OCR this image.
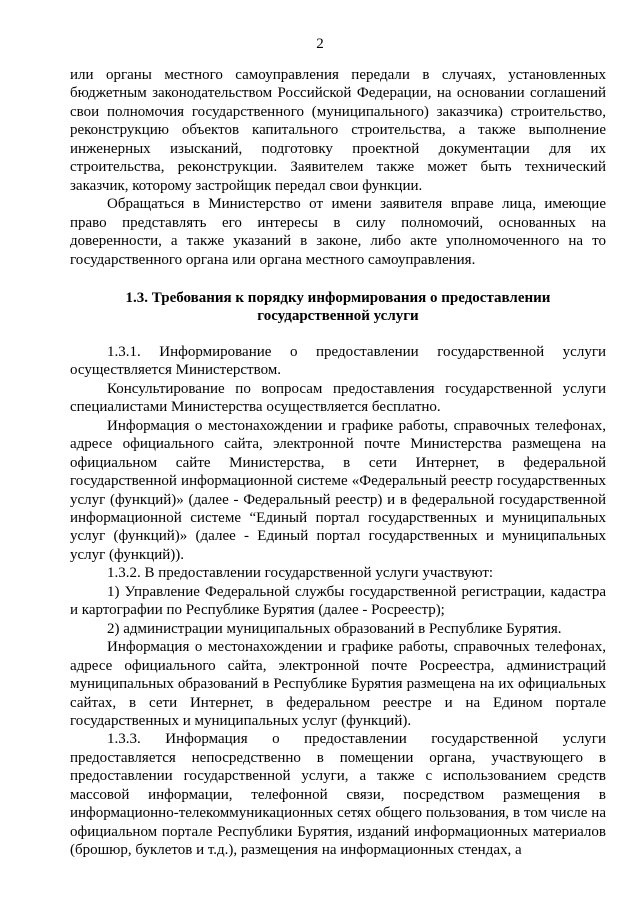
2

или органы местного самоуправления передали в случаях, установленных бюджетным законодательством Российской Федерации, на основании соглашений свои полномочия государственного (муниципального) заказчика) строительство, реконструкцию объектов капитального строительства, а также выполнение инженерных изысканий, подготовку проектной документации для их строительства, реконструкции. Заявителем также может быть технический заказчик, которому застройщик передал свои функции.

Обращаться в Министерство от имени заявителя вправе лица, имеющие право представлять его интересы в силу полномочий, основанных на доверенности, а также указаний в законе, либо акте уполномоченного на то государственного органа или органа местного самоуправления.

1.3. Требования к порядку информирования о предоставлении государственной услуги

1.3.1. Информирование о предоставлении государственной услуги осуществляется Министерством.

Консультирование по вопросам предоставления государственной услуги специалистами Министерства осуществляется бесплатно.

Информация о местонахождении и графике работы, справочных телефонах, адресе официального сайта, электронной почте Министерства размещена на официальном сайте Министерства, в сети Интернет, в федеральной государственной информационной системе «Федеральный реестр государственных услуг (функций)» (далее - Федеральный реестр) и в федеральной государственной информационной системе “Единый портал государственных и муниципальных услуг (функций)» (далее - Единый портал государственных и муниципальных услуг (функций)).

1.3.2. В предоставлении государственной услуги участвуют:

1) Управление Федеральной службы государственной регистрации, кадастра и картографии по Республике Бурятия (далее - Росреестр);

2) администрации муниципальных образований в Республике Бурятия.

Информация о местонахождении и графике работы, справочных телефонах, адресе официального сайта, электронной почте Росреестра, администраций муниципальных образований в Республике Бурятия размещена на их официальных сайтах, в сети Интернет, в федеральном реестре и на Едином портале государственных и муниципальных услуг (функций).

1.3.3. Информация о предоставлении государственной услуги предоставляется непосредственно в помещении органа, участвующего в предоставлении государственной услуги, а также с использованием средств массовой информации, телефонной связи, посредством размещения в информационно-телекоммуникационных сетях общего пользования, в том числе на официальном портале Республики Бурятия, изданий информационных материалов (брошюр, буклетов и т.д.), размещения на информационных стендах, а
